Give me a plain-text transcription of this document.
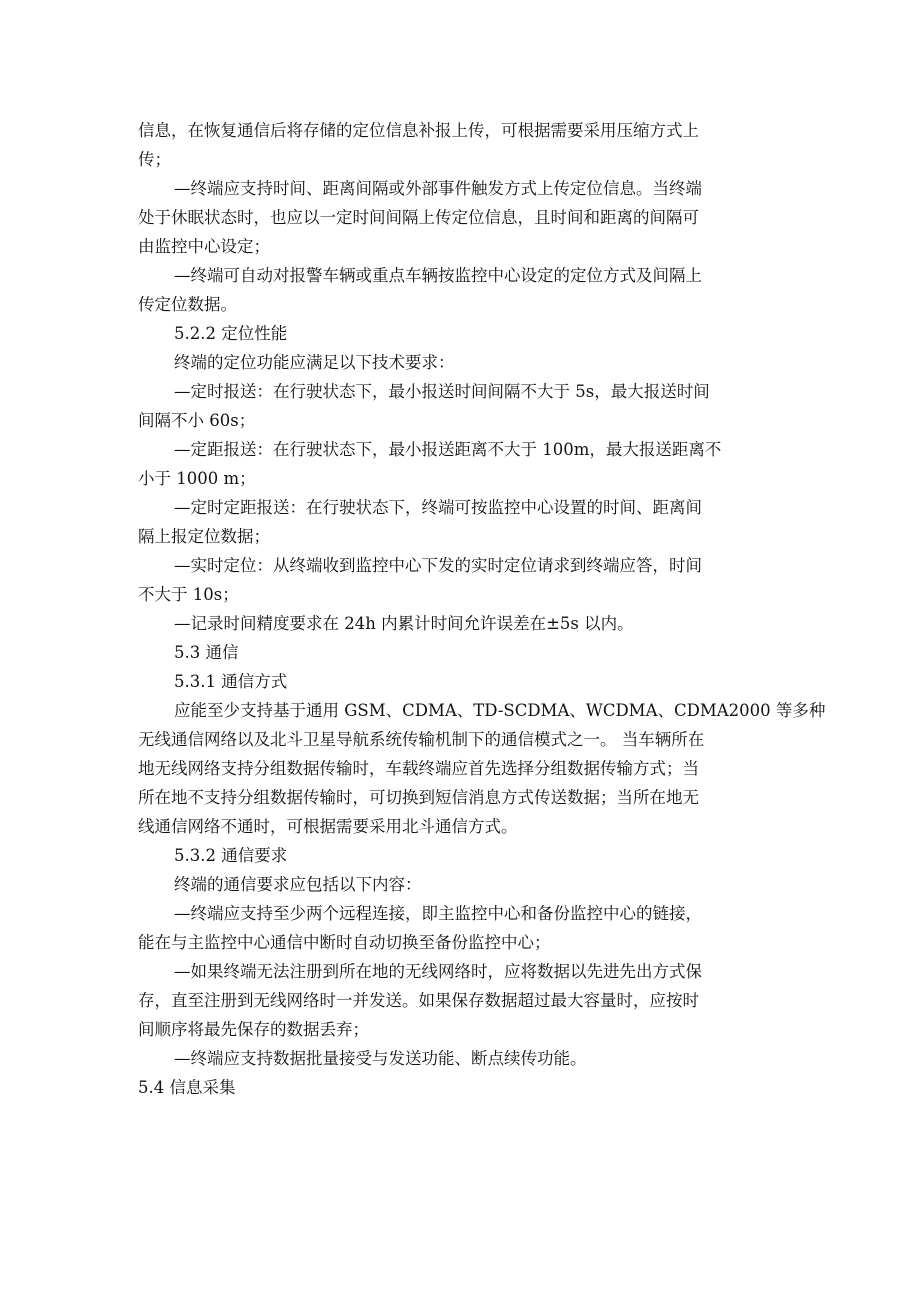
信息，在恢复通信后将存储的定位信息补报上传，可根据需要采用压缩方式上
传；
—终端应支持时间、距离间隔或外部事件触发方式上传定位信息。当终端
处于休眠状态时，也应以一定时间间隔上传定位信息，且时间和距离的间隔可
由监控中心设定；
—终端可自动对报警车辆或重点车辆按监控中心设定的定位方式及间隔上
传定位数据。
5.2.2 定位性能
终端的定位功能应满足以下技术要求：
—定时报送：在行驶状态下，最小报送时间间隔不大于 5s，最大报送时间
间隔不小 60s；
—定距报送：在行驶状态下，最小报送距离不大于 100m，最大报送距离不
小于 1000 m；
—定时定距报送：在行驶状态下，终端可按监控中心设置的时间、距离间
隔上报定位数据；
—实时定位：从终端收到监控中心下发的实时定位请求到终端应答，时间
不大于 10s；
—记录时间精度要求在 24h 内累计时间允许误差在±5s 以内。
5.3 通信
5.3.1 通信方式
应能至少支持基于通用 GSM、CDMA、TD-SCDMA、WCDMA、CDMA2000 等多种
无线通信网络以及北斗卫星导航系统传输机制下的通信模式之一。 当车辆所在
地无线网络支持分组数据传输时，车载终端应首先选择分组数据传输方式；当
所在地不支持分组数据传输时，可切换到短信消息方式传送数据；当所在地无
线通信网络不通时，可根据需要采用北斗通信方式。
5.3.2 通信要求
终端的通信要求应包括以下内容：
—终端应支持至少两个远程连接，即主监控中心和备份监控中心的链接，
能在与主监控中心通信中断时自动切换至备份监控中心；
—如果终端无法注册到所在地的无线网络时，应将数据以先进先出方式保
存，直至注册到无线网络时一并发送。如果保存数据超过最大容量时，应按时
间顺序将最先保存的数据丢弃；
—终端应支持数据批量接受与发送功能、断点续传功能。
5.4 信息采集
